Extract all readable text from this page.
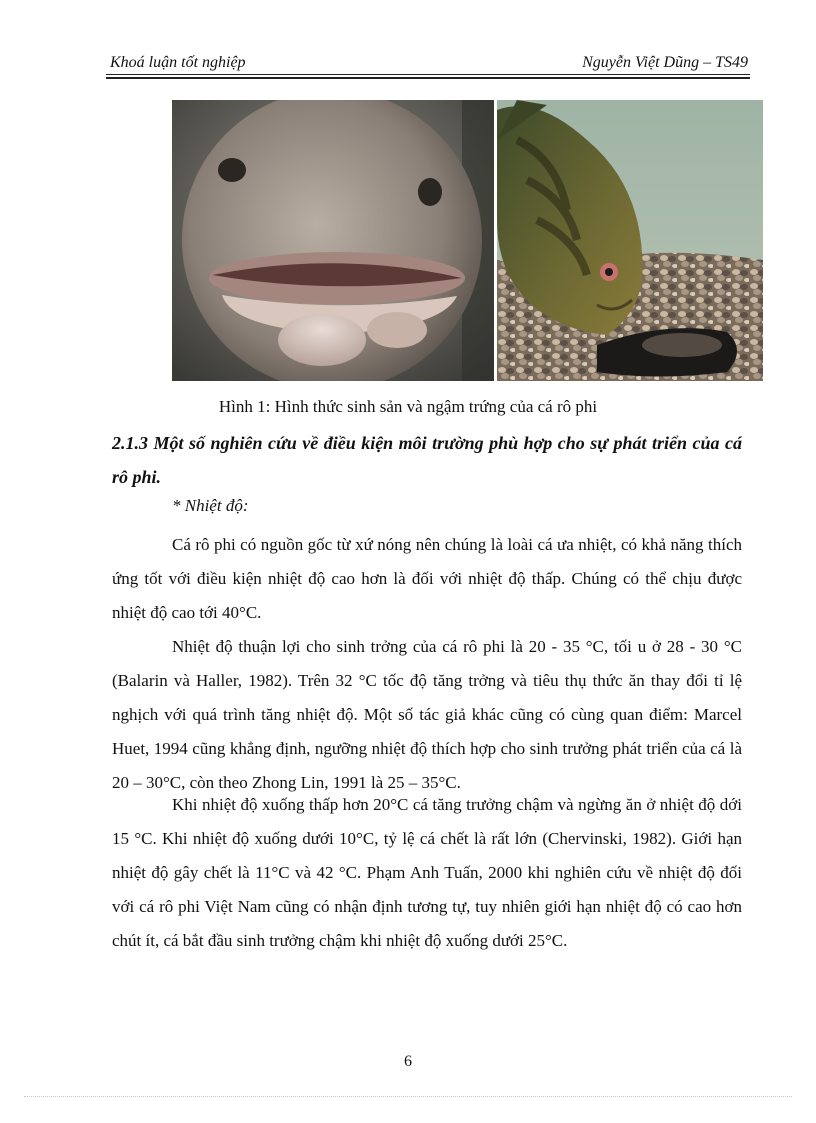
Khoá luận tốt nghiệp	Nguyễn Việt Dũng – TS49
Hình 1: Hình thức sinh sản và ngậm trứng của cá rô phi
2.1.3 Một số nghiên cứu về điều kiện môi trường phù hợp cho sự phát triển của cá rô phi.
* Nhiệt độ:

Cá rô phi có nguồn gốc từ xứ nóng nên chúng là loài cá ưa nhiệt, có khả năng thích ứng tốt với điều kiện nhiệt độ cao hơn là đối với nhiệt độ thấp. Chúng có thể chịu được nhiệt độ cao tới 40°C.

Nhiệt độ thuận lợi cho sinh trởng của cá rô phi là 20 - 35 °C, tối u ở 28 - 30 °C (Balarin và Haller, 1982). Trên 32 °C tốc độ tăng trởng và tiêu thụ thức ăn thay đổi tỉ lệ nghịch với quá trình tăng nhiệt độ. Một số tác giả khác cũng có cùng quan điểm: Marcel Huet, 1994 cũng khẳng định, ngưỡng nhiệt độ thích hợp cho sinh trưởng phát triển của cá là 20 – 30°C, còn theo Zhong Lin, 1991 là 25 – 35°C.

Khi nhiệt độ xuống thấp hơn 20°C cá tăng trưởng chậm và ngừng ăn ở nhiệt độ dới 15 °C. Khi nhiệt độ xuống dưới 10°C, tỷ lệ cá chết là rất lớn (Chervinski, 1982). Giới hạn nhiệt độ gây chết là 11°C và 42 °C. Phạm Anh Tuấn, 2000 khi nghiên cứu về nhiệt độ đối với cá rô phi Việt Nam cũng có nhận định tương tự, tuy nhiên giới hạn nhiệt độ có cao hơn chút ít, cá bắt đầu sinh trưởng chậm khi nhiệt độ xuống dưới 25°C.

6
